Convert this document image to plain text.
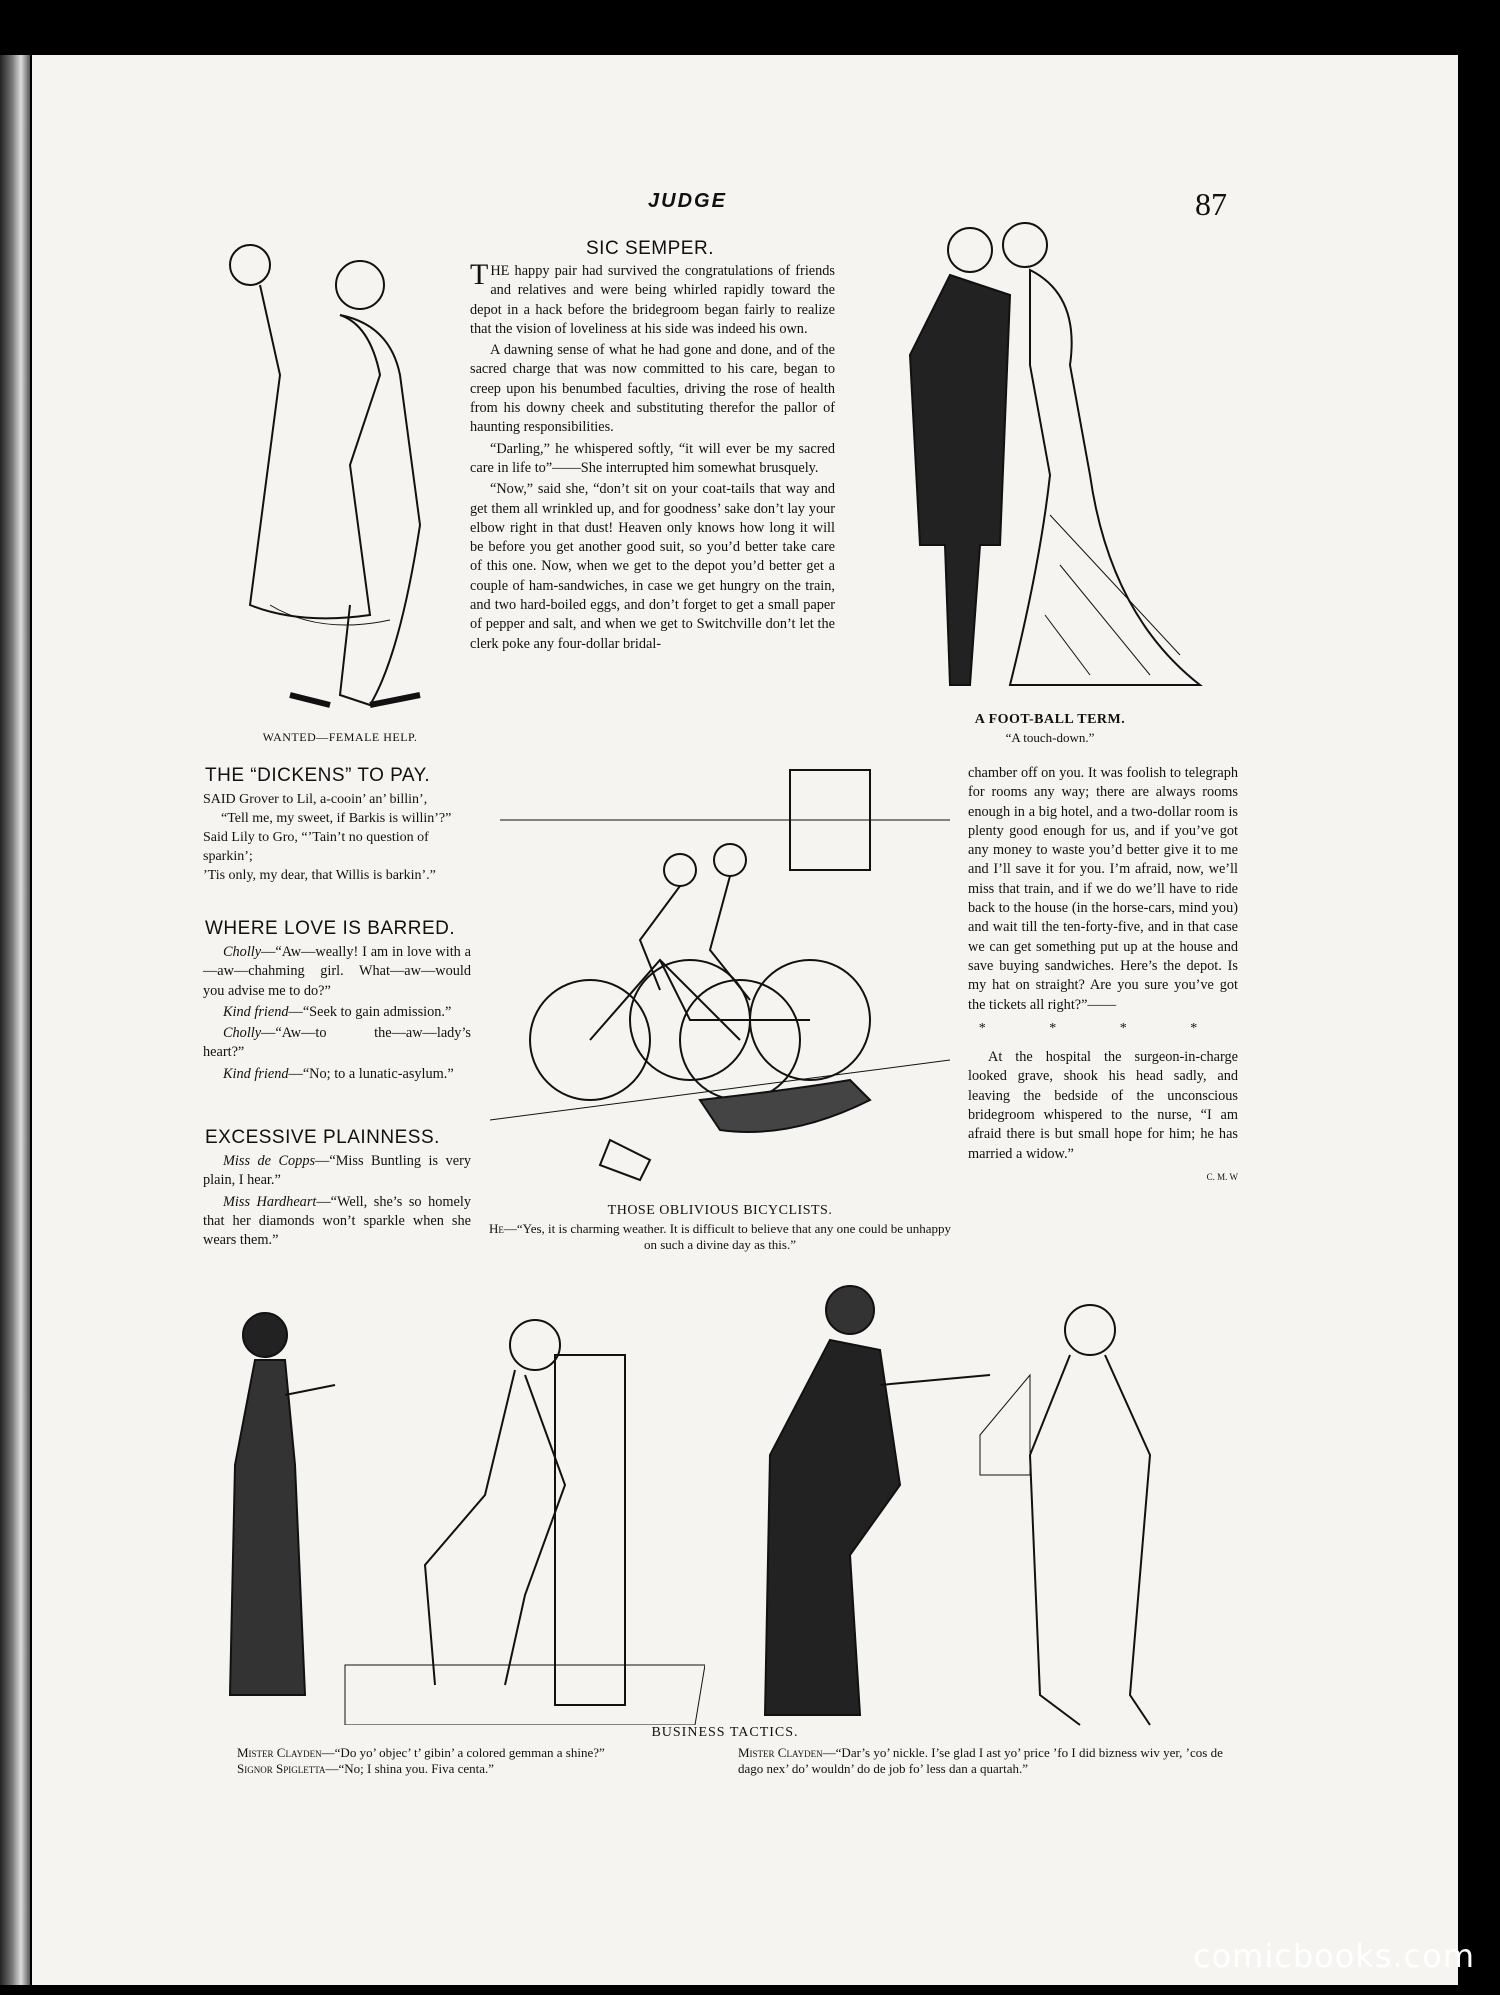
JUDGE	87
WANTED—FEMALE HELP.
SIC SEMPER.

THE happy pair had survived the congratulations of friends and relatives and were being whirled rapidly toward the depot in a hack before the bridegroom began fairly to realize that the vision of loveliness at his side was indeed his own.

A dawning sense of what he had gone and done, and of the sacred charge that was now committed to his care, began to creep upon his benumbed faculties, driving the rose of health from his downy cheek and substituting therefor the pallor of haunting responsibilities.

“Darling,” he whispered softly, “it will ever be my sacred care in life to”——She interrupted him somewhat brusquely.

“Now,” said she, “don’t sit on your coat-tails that way and get them all wrinkled up, and for goodness’ sake don’t lay your elbow right in that dust! Heaven only knows how long it will be before you get another good suit, so you’d better take care of this one. Now, when we get to the depot you’d better get a couple of ham-sandwiches, in case we get hungry on the train, and two hard-boiled eggs, and don’t forget to get a small paper of pepper and salt, and when we get to Switchville don’t let the clerk poke any four-dollar bridal-

A FOOT-BALL TERM.
“A touch-down.”
THE “DICKENS” TO PAY.
SAID Grover to Lil, a-cooin’ an’ billin’,
“Tell me, my sweet, if Barkis is willin’?”
Said Lily to Gro, “’Tain’t no question of sparkin’;
’Tis only, my dear, that Willis is barkin’.”
WHERE LOVE IS BARRED.

Cholly—“Aw—weally! I am in love with a—aw—chahming girl. What—aw—would you advise me to do?”

Kind friend—“Seek to gain admission.”

Cholly—“Aw—to the—aw—lady’s heart?”

Kind friend—“No; to a lunatic-asylum.”

EXCESSIVE PLAINNESS.

Miss de Copps—“Miss Buntling is very plain, I hear.”

Miss Hardheart—“Well, she’s so homely that her diamonds won’t sparkle when she wears them.”

THOSE OBLIVIOUS BICYCLISTS.
He—“Yes, it is charming weather. It is difficult to believe that any one could be unhappy on such a divine day as this.”

chamber off on you. It was foolish to telegraph for rooms any way; there are always rooms enough in a big hotel, and a two-dollar room is plenty good enough for us, and if you’ve got any money to waste you’d better give it to me and I’ll save it for you. I’m afraid, now, we’ll miss that train, and if we do we’ll have to ride back to the house (in the horse-cars, mind you) and wait till the ten-forty-five, and in that case we can get something put up at the house and save buying sandwiches. Here’s the depot. Is my hat on straight? Are you sure you’ve got the tickets all right?”——

* * * *

At the hospital the surgeon-in-charge looked grave, shook his head sadly, and leaving the bedside of the unconscious bridegroom whispered to the nurse, “I am afraid there is but small hope for him; he has married a widow.”

C. M. W
BUSINESS TACTICS.
Mister Clayden—“Do yo’ objec’ t’ gibin’ a colored gemman a shine?”
Signor Spigletta—“No; I shina you. Fiva centa.”
Mister Clayden—“Dar’s yo’ nickle. I’se glad I ast yo’ price ’fo I did bizness wiv yer, ’cos de dago nex’ do’ wouldn’ do de job fo’ less dan a quartah.”
comicbooks.com
